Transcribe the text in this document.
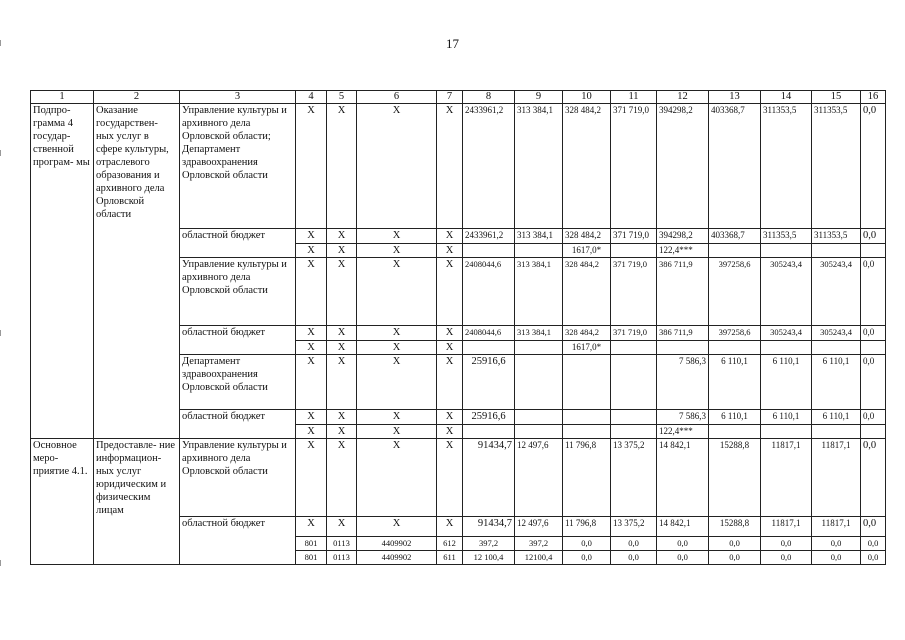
17
1	2	3	4	5	6	7	8	9	10	11	12	13	14	15	16
Подпро- грамма 4 государ- ственной програм- мы	Оказание государствен- ных услуг в сфере культуры, отраслевого образования и архивного дела Орловской области	Управление культуры и архивного дела Орловской области; Департамент здравоохранения Орловской области	X	X	X	X	2433961,2	313 384,1	328 484,2	371 719,0	394298,2	403368,7	311353,5	311353,5	0,0
		областной бюджет	X	X	X	X	2433961,2	313 384,1	328 484,2	371 719,0	394298,2	403368,7	311353,5	311353,5	0,0
			X	X	X	X			1617,0*		122,4***				
		Управление культуры и архивного дела Орловской области	X	X	X	X	2408044,6	313 384,1	328 484,2	371 719,0	386 711,9	397258,6	305243,4	305243,4	0,0
		областной бюджет	X	X	X	X	2408044,6	313 384,1	328 484,2	371 719,0	386 711,9	397258,6	305243,4	305243,4	0,0
			X	X	X	X			1617,0*						
		Департамент здравоохранения Орловской области	X	X	X	X	25916,6				7 586,3	6 110,1	6 110,1	6 110,1	0,0
		областной бюджет	X	X	X	X	25916,6				7 586,3	6 110,1	6 110,1	6 110,1	0,0
			X	X	X	X					122,4***				
Основное меро- приятие 4.1.	Предоставле- ние информацион- ных услуг юридическим и физическим лицам	Управление культуры и архивного дела Орловской области	X	X	X	X	91434,7	12 497,6	11 796,8	13 375,2	14 842,1	15288,8	11817,1	11817,1	0,0
		областной бюджет	X	X	X	X	91434,7	12 497,6	11 796,8	13 375,2	14 842,1	15288,8	11817,1	11817,1	0,0
			801	0113	4409902	612	397,2	397,2	0,0	0,0	0,0	0,0	0,0	0,0	0,0
			801	0113	4409902	611	12 100,4	12100,4	0,0	0,0	0,0	0,0	0,0	0,0	0,0
